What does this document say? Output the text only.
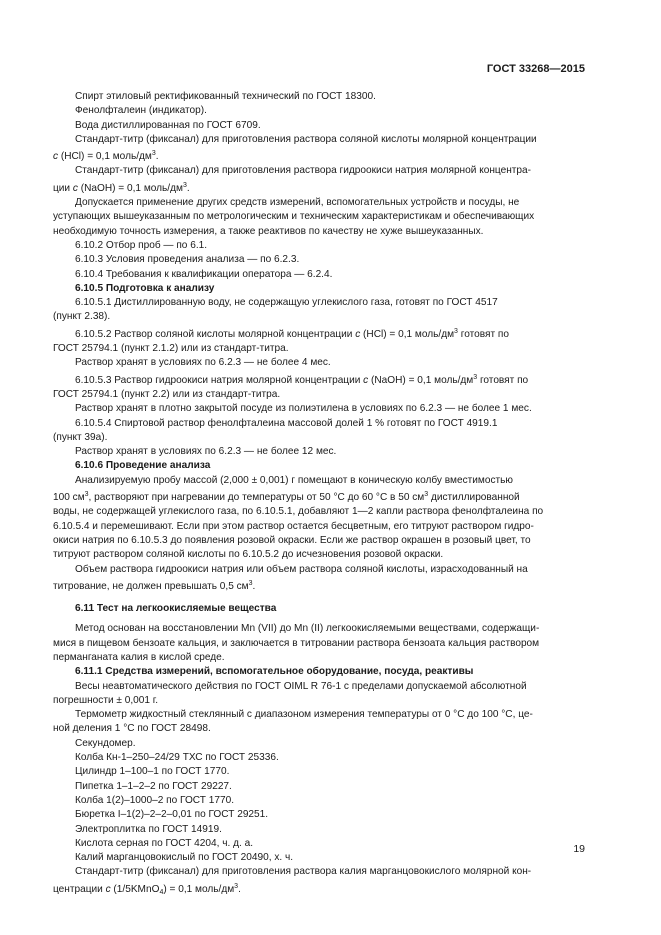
ГОСТ 33268—2015

Спирт этиловый ректификованный технический по ГОСТ 18300.

Фенолфталеин (индикатор).

Вода дистиллированная по ГОСТ 6709.

Стандарт-титр (фиксанал) для приготовления раствора соляной кислоты молярной концентрации

c (HCl) = 0,1 моль/$дм^3$.

Стандарт-титр (фиксанал) для приготовления раствора гидроокиси натрия молярной концентра-

ции c (NaOH) = 0,1 моль/$дм^3$.

Допускается применение других средств измерений, вспомогательных устройств и посуды, не

уступающих вышеуказанным по метрологическим и техническим характеристикам и обеспечивающих

необходимую точность измерения, а также реактивов по качеству не хуже вышеуказанных.

6.10.2 Отбор проб — по 6.1.

6.10.3 Условия проведения анализа — по 6.2.3.

6.10.4 Требования к квалификации оператора — 6.2.4.

6.10.5 Подготовка к анализу

6.10.5.1 Дистиллированную воду, не содержащую углекислого газа, готовят по ГОСТ 4517

(пункт 2.38).

6.10.5.2 Раствор соляной кислоты молярной концентрации c (HCl) = 0,1 моль/$дм^3$ готовят по

ГОСТ 25794.1 (пункт 2.1.2) или из стандарт-титра.

Раствор хранят в условиях по 6.2.3 — не более 4 мес.

6.10.5.3 Раствор гидроокиси натрия молярной концентрации c (NaOH) = 0,1 моль/$дм^3$ готовят по

ГОСТ 25794.1 (пункт 2.2) или из стандарт-титра.

Раствор хранят в плотно закрытой посуде из полиэтилена в условиях по 6.2.3 — не более 1 мес.

6.10.5.4 Спиртовой раствор фенолфталеина массовой долей 1 % готовят по ГОСТ 4919.1

(пункт 39а).

Раствор хранят в условиях по 6.2.3 — не более 12 мес.

6.10.6 Проведение анализа

Анализируемую пробу массой (2,000 ± 0,001) г помещают в коническую колбу вместимостью

100 $см^3$, растворяют при нагревании до температуры от 50 °С до 60 °С в 50 $см^3$ дистиллированной

воды, не содержащей углекислого газа, по 6.10.5.1, добавляют 1—2 капли раствора фенолфталеина по

6.10.5.4 и перемешивают. Если при этом раствор остается бесцветным, его титруют раствором гидро-

окиси натрия по 6.10.5.3 до появления розовой окраски. Если же раствор окрашен в розовый цвет, то

титруют раствором соляной кислоты по 6.10.5.2 до исчезновения розовой окраски.

Объем раствора гидроокиси натрия или объем раствора соляной кислоты, израсходованный на

титрование, не должен превышать 0,5 $см^3$.

6.11 Тест на легкоокисляемые вещества

Метод основан на восстановлении Mn (VII) до Mn (II) легкоокисляемыми веществами, содержащи-

мися в пищевом бензоате кальция, и заключается в титровании раствора бензоата кальция раствором

перманганата калия в кислой среде.

6.11.1 Средства измерений, вспомогательное оборудование, посуда, реактивы

Весы неавтоматического действия по ГОСТ OIML R 76-1 с пределами допускаемой абсолютной

погрешности ± 0,001 г.

Термометр жидкостный стеклянный с диапазоном измерения температуры от 0 °С до 100 °С, це-

ной деления 1 °С по ГОСТ 28498.

Секундомер.

Колба Кн-1–250–24/29 ТХС по ГОСТ 25336.

Цилиндр 1–100–1 по ГОСТ 1770.

Пипетка 1–1–2–2 по ГОСТ 29227.

Колба 1(2)–1000–2 по ГОСТ 1770.

Бюретка I–1(2)–2–2–0,01 по ГОСТ 29251.

Электроплитка по ГОСТ 14919.

Кислота серная по ГОСТ 4204, ч. д. а.

Калий марганцовокислый по ГОСТ 20490, х. ч.

Стандарт-титр (фиксанал) для приготовления раствора калия марганцовокислого молярной кон-

центрации c (1/5KMnO$_4$) = 0,1 моль/$дм^3$.

19
